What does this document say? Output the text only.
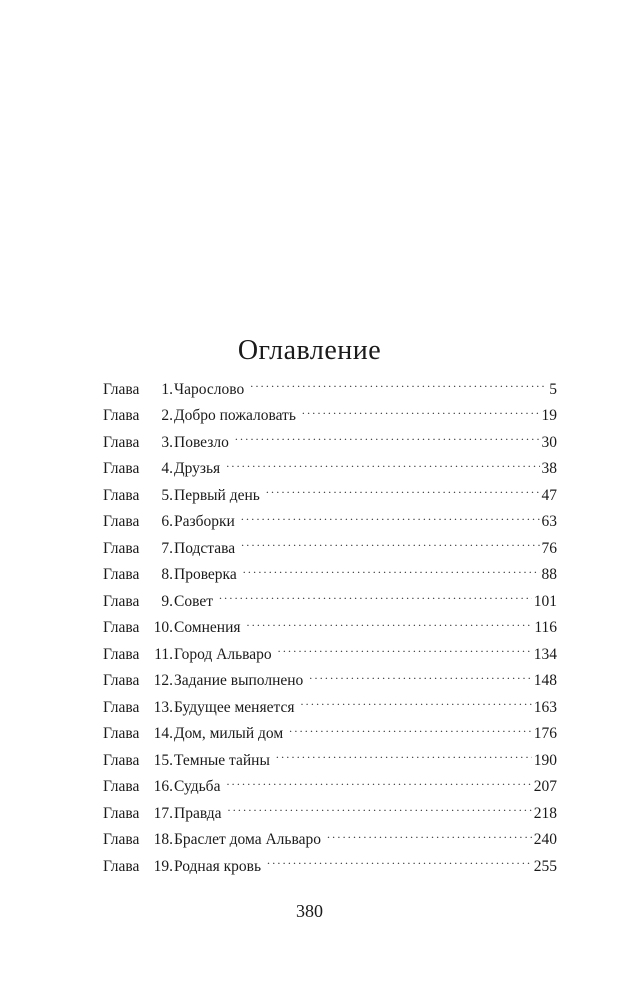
Оглавление
Глава	1. Чарословo .....	5
Глава	2. Добро пожаловать .....	19
Глава	3. Повезло .....	30
Глава	4. Друзья .....	38
Глава	5. Первый день .....	47
Глава	6. Разборки .....	63
Глава	7. Подстава .....	76
Глава	8. Проверка .....	88
Глава	9. Совет .....	101
Глава 10. Сомнения .....	116
Глава 11. Город Альваро .....	134
Глава 12. Задание выполнено .....	148
Глава 13. Будущее меняется .....	163
Глава 14. Дом, милый дом .....	176
Глава 15. Темные тайны .....	190
Глава 16. Судьба .....	207
Глава 17. Правда .....	218
Глава 18. Браслет дома Альваро .....	240
Глава 19. Родная кровь .....	255
380
